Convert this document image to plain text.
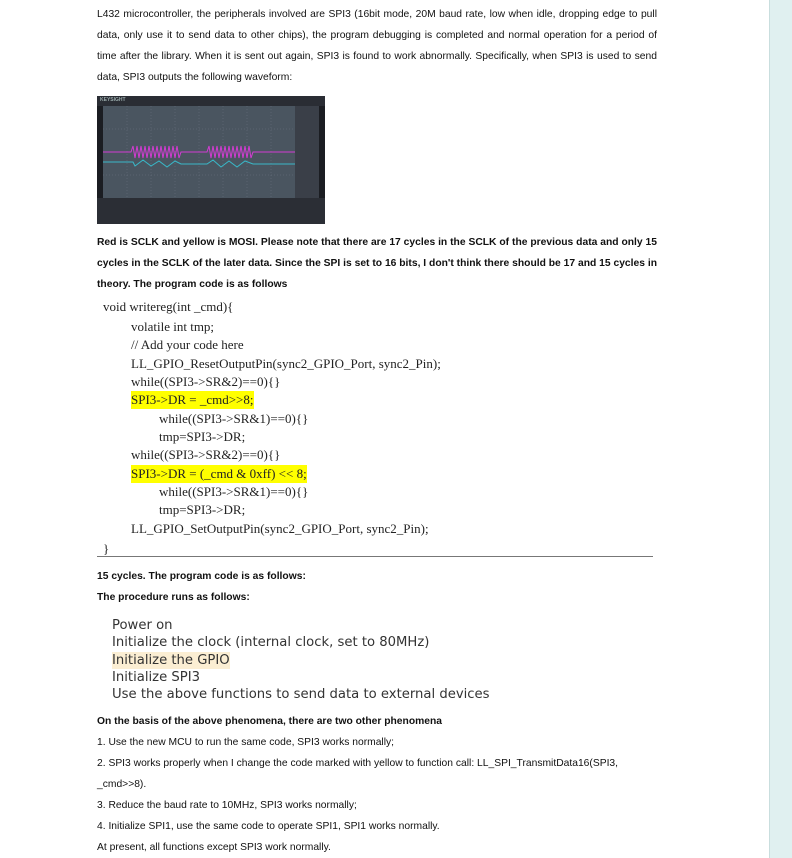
L432 microcontroller, the peripherals involved are SPI3 (16bit mode, 20M baud rate, low when idle, dropping edge to pull data, only use it to send data to other chips), the program debugging is completed and normal operation for a period of time after the library. When it is sent out again, SPI3 is found to work abnormally. Specifically, when SPI3 is used to send data, SPI3 outputs the following waveform:
KEYSIGHT
Red is SCLK and yellow is MOSI. Please note that there are 17 cycles in the SCLK of the previous data and only 15 cycles in the SCLK of the later data. Since the SPI is set to 16 bits, I don't think there should be 17 and 15 cycles in theory. The program code is as follows
void writereg(int _cmd){
volatile int tmp;
// Add your code here
LL_GPIO_ResetOutputPin(sync2_GPIO_Port, sync2_Pin);
while((SPI3->SR&2)==0){}
SPI3->DR = _cmd>>8;
while((SPI3->SR&1)==0){}
tmp=SPI3->DR;
while((SPI3->SR&2)==0){}
SPI3->DR = (_cmd & 0xff) << 8;
while((SPI3->SR&1)==0){}
tmp=SPI3->DR;
LL_GPIO_SetOutputPin(sync2_GPIO_Port, sync2_Pin);
}
15 cycles. The program code is as follows:
The procedure runs as follows:
Power on
Initialize the clock (internal clock, set to 80MHz)
Initialize the GPIO
Initialize SPI3
Use the above functions to send data to external devices
On the basis of the above phenomena, there are two other phenomena
1. Use the new MCU to run the same code, SPI3 works normally;
2. SPI3 works properly when I change the code marked with yellow to function call: LL_SPI_TransmitData16(SPI3,
_cmd>>8).
3. Reduce the baud rate to 10MHz, SPI3 works normally;
4. Initialize SPI1, use the same code to operate SPI1, SPI1 works normally.
At present, all functions except SPI3 work normally.
